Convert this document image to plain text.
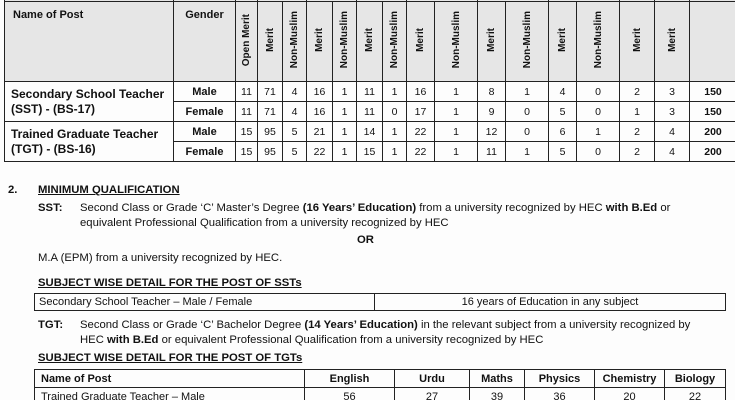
Name of Post	Gender	Open Merit	Merit	Non-Muslim	Merit	Non-Muslim	Merit	Non-Muslim	Merit	Non-Muslim	Merit	Non-Muslim	Merit	Non-Muslim	Merit	Merit	
Secondary School Teacher (SST) - (BS-17)	Male	11	71	4	16	1	11	1	16	1	8	1	4	0	2	3	150
	Female	11	71	4	16	1	11	0	17	1	9	0	5	0	1	3	150
Trained Graduate Teacher (TGT) - (BS-16)	Male	15	95	5	21	1	14	1	22	1	12	0	6	1	2	4	200
	Female	15	95	5	22	1	15	1	22	1	11	1	5	0	2	4	200
2. MINIMUM QUALIFICATION
SST: Second Class or Grade ‘C’ Master’s Degree (16 Years’ Education) from a university recognized by HEC with B.Ed or
equivalent Professional Qualification from a university recognized by HEC
OR
M.A (EPM) from a university recognized by HEC.
SUBJECT WISE DETAIL FOR THE POST OF SSTs
Secondary School Teacher – Male / Female	16 years of Education in any subject
TGT: Second Class or Grade ‘C’ Bachelor Degree (14 Years’ Education) in the relevant subject from a university recognized by
HEC with B.Ed or equivalent Professional Qualification from a university recognized by HEC
SUBJECT WISE DETAIL FOR THE POST OF TGTs
Name of Post	English	Urdu	Maths	Physics	Chemistry	Biology
Trained Graduate Teacher – Male	56	27	39	36	20	22
